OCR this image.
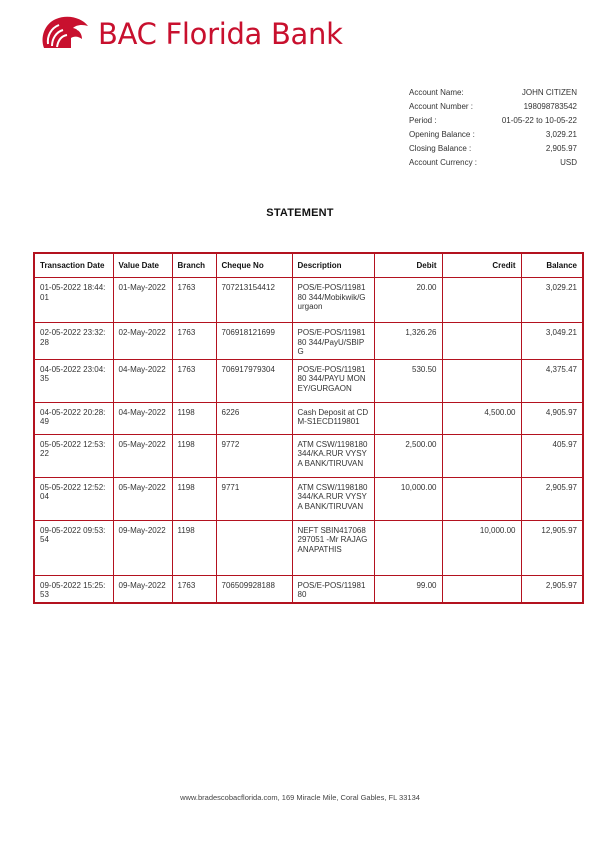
BAC Florida Bank
Account Name:	JOHN CITIZEN
Account Number :	198098783542
Period :	01-05-22 to 10-05-22
Opening Balance :	3,029.21
Closing Balance :	2,905.97
Account Currency :	USD
STATEMENT
Transaction Date	Value Date	Branch	Cheque No	Description	Debit	Credit	Balance
01-05-2022 18:44:01	01-May-2022	1763	707213154412	POS/E-POS/1198180 344/Mobikwik/Gurgaon	20.00		3,029.21
02-05-2022 23:32:28	02-May-2022	1763	706918121699	POS/E-POS/1198180 344/PayU/SBIPG	1,326.26		3,049.21
04-05-2022 23:04:35	04-May-2022	1763	706917979304	POS/E-POS/1198180 344/PAYU MONEY/GURGAON	530.50		4,375.47
04-05-2022 20:28:49	04-May-2022	1198	6226	Cash Deposit at CDM-S1ECD119801		4,500.00	4,905.97
05-05-2022 12:53:22	05-May-2022	1198	9772	ATM CSW/1198180344/KA.RUR VYSYA BANK/TIRUVAN	2,500.00		405.97
05-05-2022 12:52:04	05-May-2022	1198	9771	ATM CSW/1198180344/KA.RUR VYSYA BANK/TIRUVAN	10,000.00		2,905.97
09-05-2022 09:53:54	09-May-2022	1198		NEFT SBIN417068297051 -Mr RAJAGANAPATHIS		10,000.00	12,905.97
09-05-2022 15:25:53	09-May-2022	1763	706509928188	POS/E-POS/1198180	99.00		2,905.97
www.bradescobacflorida.com, 169 Miracle Mile, Coral Gables, FL 33134
